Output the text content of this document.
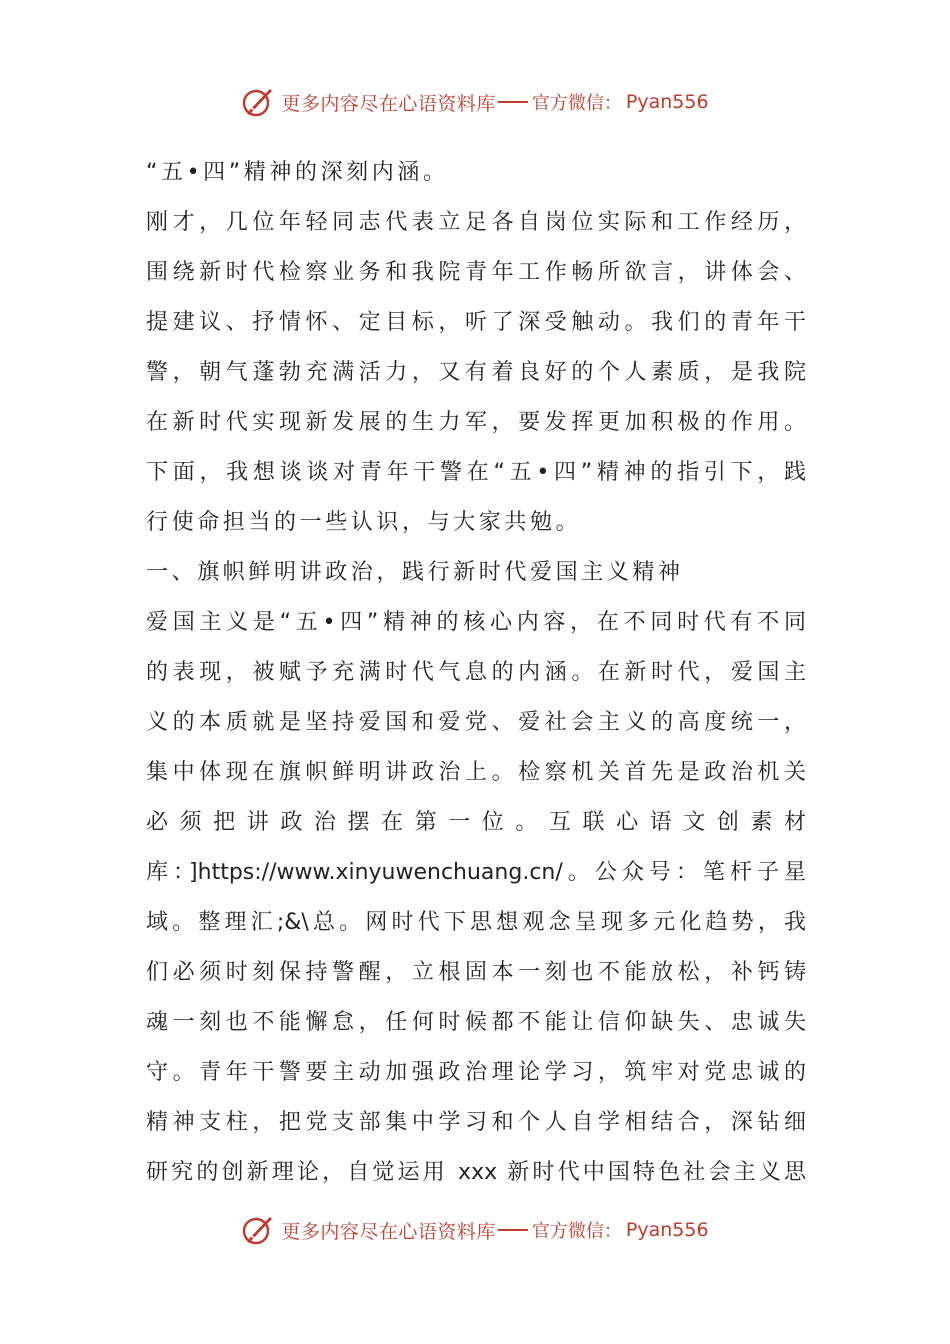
更多内容尽在心语资料库 官方微信： Pyan556
“五•四”精神的深刻内涵。
刚才，几位年轻同志代表立足各自岗位实际和工作经历，
围绕新时代检察业务和我院青年工作畅所欲言，讲体会、
提建议、抒情怀、定目标，听了深受触动。我们的青年干
警，朝气蓬勃充满活力，又有着良好的个人素质，是我院
在新时代实现新发展的生力军，要发挥更加积极的作用。
下面，我想谈谈对青年干警在“五•四”精神的指引下，践
行使命担当的一些认识，与大家共勉。
一、旗帜鲜明讲政治，践行新时代爱国主义精神
爱国主义是“五•四”精神的核心内容，在不同时代有不同
的表现，被赋予充满时代气息的内涵。在新时代，爱国主
义的本质就是坚持爱国和爱党、爱社会主义的高度统一，
集中体现在旗帜鲜明讲政治上。检察机关首先是政治机关
必 须 把 讲 政 治 摆 在 第 一 位 。 互 联 心 语 文 创 素 材
库：]https://www.xinyuwenchuang.cn/。公众号：笔杆子星
域。整理汇;&\总。网时代下思想观念呈现多元化趋势，我
们必须时刻保持警醒，立根固本一刻也不能放松，补钙铸
魂一刻也不能懈怠，任何时候都不能让信仰缺失、忠诚失
守。青年干警要主动加强政治理论学习，筑牢对党忠诚的
精神支柱，把党支部集中学习和个人自学相结合，深钻细
研究的创新理论，自觉运用 xxx 新时代中国特色社会主义思
更多内容尽在心语资料库 官方微信： Pyan556
